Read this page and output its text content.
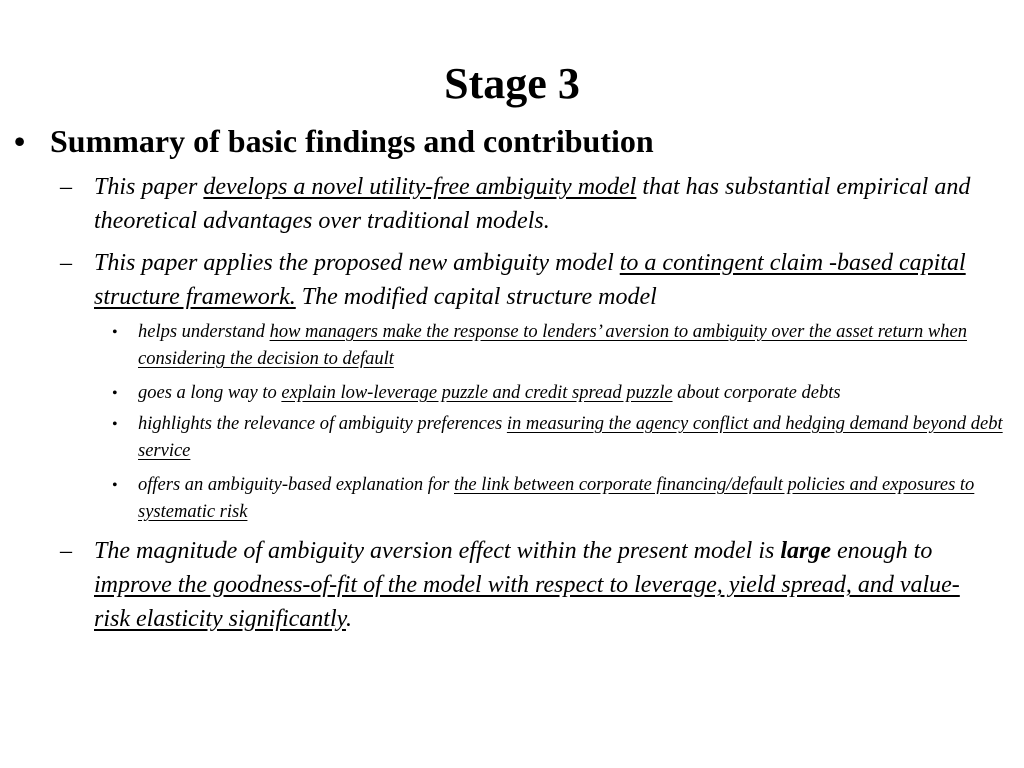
Stage 3
• Summary of basic findings and contribution
– This paper develops a novel utility-free ambiguity model that has substantial empirical and theoretical advantages over traditional models.
– This paper applies the proposed new ambiguity model to a contingent claim -based capital structure framework. The modified capital structure model
• helps understand how managers make the response to lenders’ aversion to ambiguity over the asset return when considering the decision to default
• goes a long way to explain low-leverage puzzle and credit spread puzzle about corporate debts
• highlights the relevance of ambiguity preferences in measuring the agency conflict and hedging demand beyond debt service
• offers an ambiguity-based explanation for the link between corporate financing/default policies and exposures to systematic risk
– The magnitude of ambiguity aversion effect within the present model is large enough to improve the goodness-of-fit of the model with respect to leverage, yield spread, and value-risk elasticity significantly.
